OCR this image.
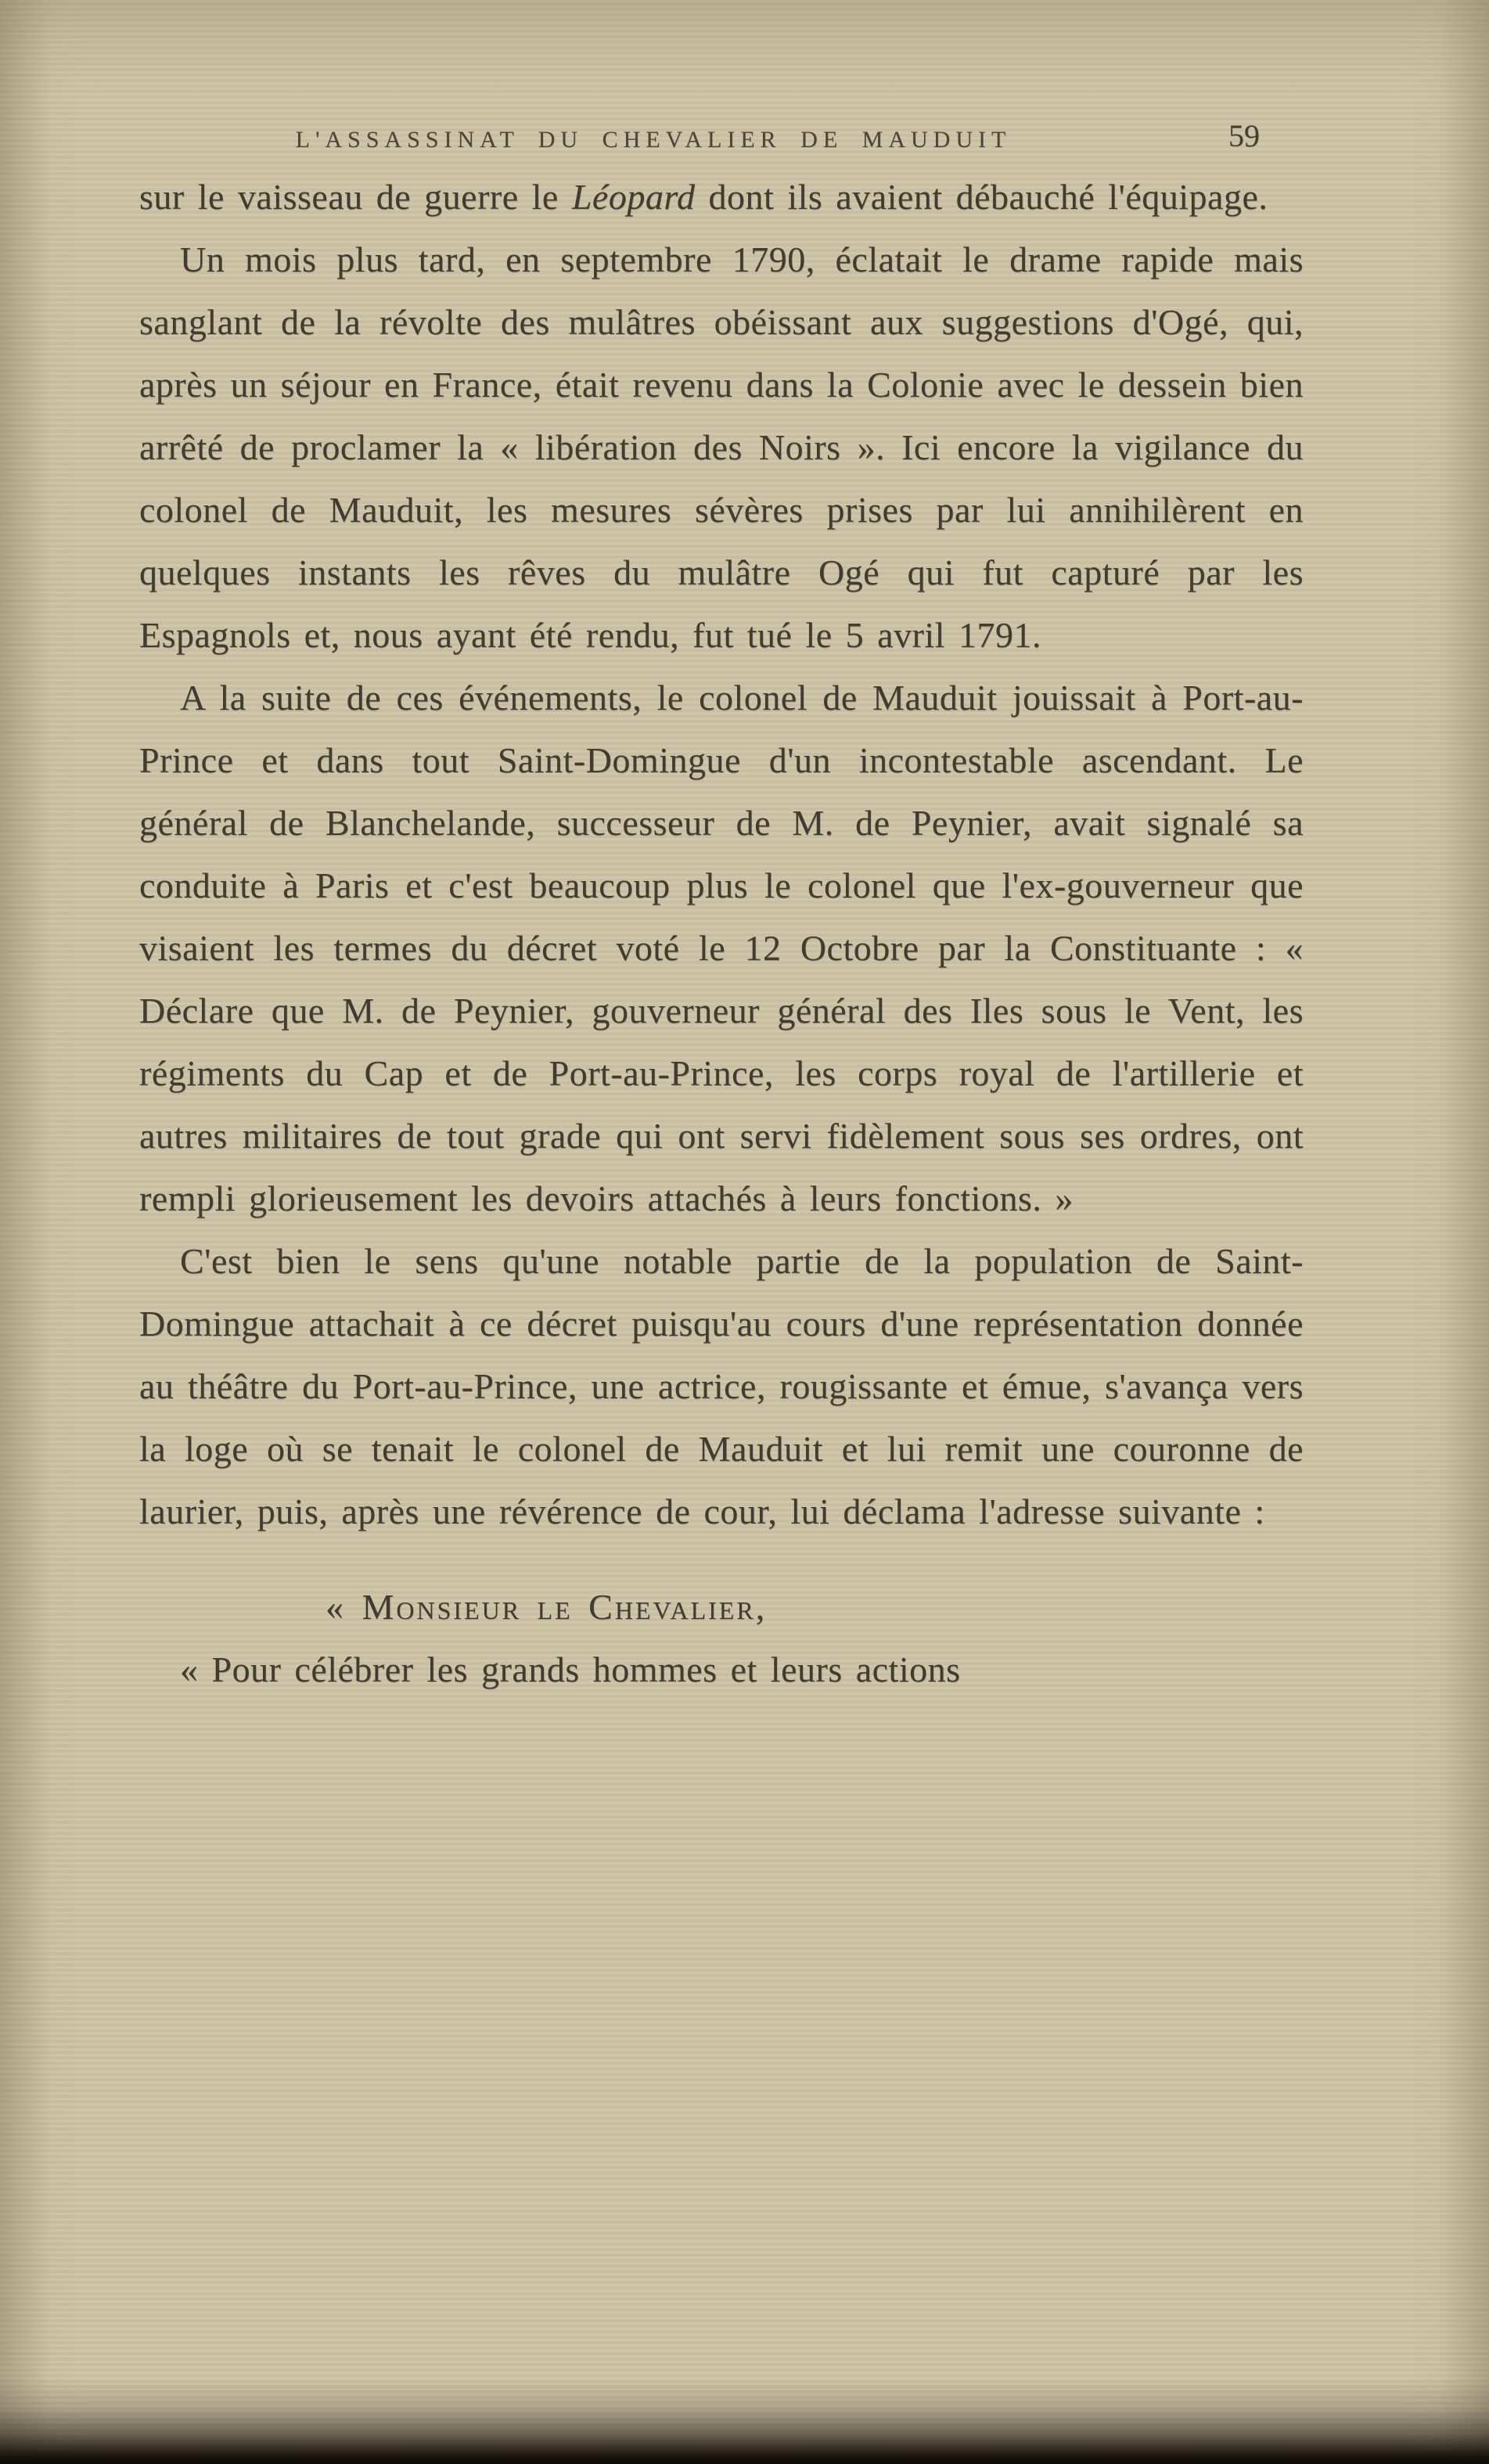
L'ASSASSINAT DU CHEVALIER DE MAUDUIT	59

sur le vaisseau de guerre le Léopard dont ils avaient débauché l'équipage.

Un mois plus tard, en septembre 1790, éclatait le drame rapide mais sanglant de la révolte des mulâtres obéissant aux suggestions d'Ogé, qui, après un séjour en France, était revenu dans la Colonie avec le dessein bien arrêté de proclamer la « libération des Noirs ». Ici encore la vigilance du colonel de Mauduit, les mesures sévères prises par lui annihilèrent en quelques instants les rêves du mulâtre Ogé qui fut capturé par les Espagnols et, nous ayant été rendu, fut tué le 5 avril 1791.

A la suite de ces événements, le colonel de Mauduit jouissait à Port-au-Prince et dans tout Saint-Domingue d'un incontestable ascendant. Le général de Blanchelande, successeur de M. de Peynier, avait signalé sa conduite à Paris et c'est beaucoup plus le colonel que l'ex-gouverneur que visaient les termes du décret voté le 12 Octobre par la Constituante : « Déclare que M. de Peynier, gouverneur général des Iles sous le Vent, les régiments du Cap et de Port-au-Prince, les corps royal de l'artillerie et autres militaires de tout grade qui ont servi fidèlement sous ses ordres, ont rempli glorieusement les devoirs attachés à leurs fonctions. »

C'est bien le sens qu'une notable partie de la population de Saint-Domingue attachait à ce décret puisqu'au cours d'une représentation donnée au théâtre du Port-au-Prince, une actrice, rougissante et émue, s'avança vers la loge où se tenait le colonel de Mauduit et lui remit une couronne de laurier, puis, après une révérence de cour, lui déclama l'adresse suivante :

« Monsieur le Chevalier,

« Pour célébrer les grands hommes et leurs actions
